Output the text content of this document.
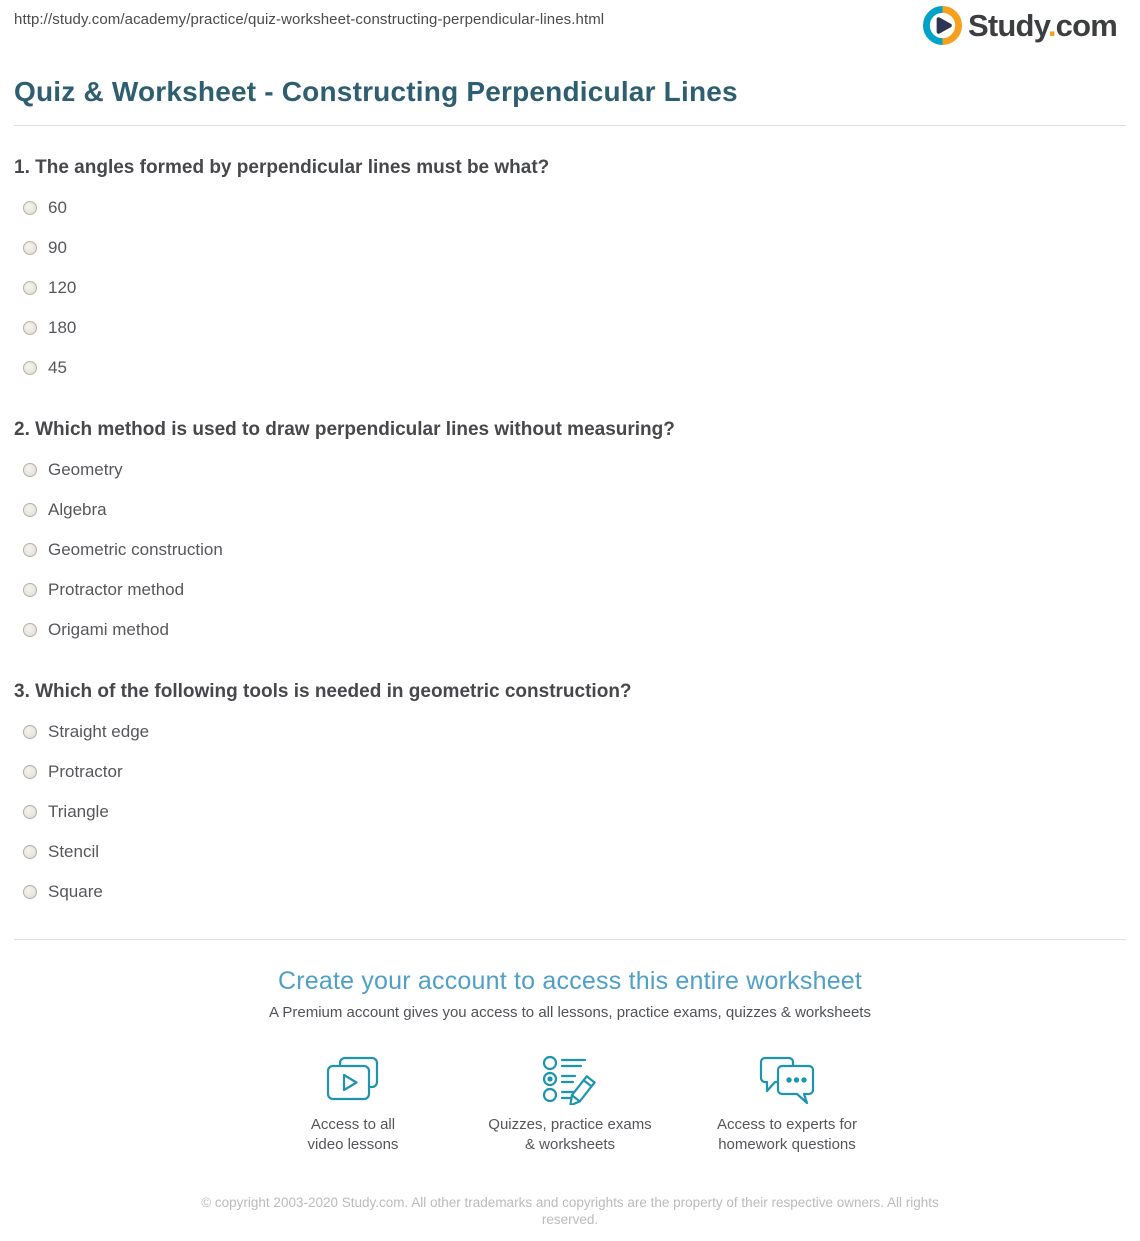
http://study.com/academy/practice/quiz-worksheet-constructing-perpendicular-lines.html	Study.com
Quiz & Worksheet - Constructing Perpendicular Lines
1. The angles formed by perpendicular lines must be what?
60
90
120
180
45
2. Which method is used to draw perpendicular lines without measuring?
Geometry
Algebra
Geometric construction
Protractor method
Origami method
3. Which of the following tools is needed in geometric construction?
Straight edge
Protractor
Triangle
Stencil
Square
Create your account to access this entire worksheet
A Premium account gives you access to all lessons, practice exams, quizzes & worksheets
Access to all
video lessons
Quizzes, practice exams
& worksheets
Access to experts for
homework questions
© copyright 2003-2020 Study.com. All other trademarks and copyrights are the property of their respective owners. All rights reserved.
